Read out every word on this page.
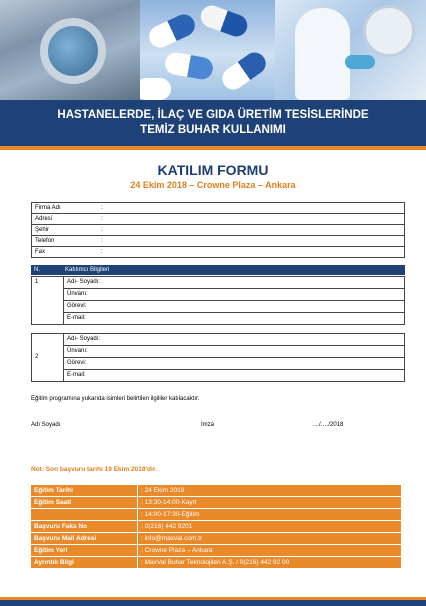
HASTANELERDE, İLAÇ VE GIDA ÜRETİM TESİSLERİNDE
TEMİZ BUHAR KULLANIMI
KATILIM FORMU
24 Ekim 2018 – Crowne Plaza – Ankara
Firma Adı	:
Adresi	:
Şehir	:
Telefon	:
Fax	:
N.	Katılımcı Bilgileri
1	Adı- Soyadı:
Ünvanı:
Görevi:
E-mail:
2	Adı- Soyadı:
Ünvanı:
Görevi:
E-mail:
Eğitim programına yukarıda isimleri belirtilen ilgililer katılacaktır.
Adı Soyadı	İmza	…/…./2018
Not: Son başvuru tarihi 19 Ekim 2018'dir.
Eğitim Tarihi	: 24 Ekim 2018
Eğitim Saati	: 13:30-14:00-Kayıt
	: 14:00-17:30-Eğitim
Başvuru Faks No	: 0(216) 442 9201
Başvuru Mail Adresi	: info@maxval.com.tr
Eğitim Yeri	: Crowne Plaza – Ankara
Ayrıntılı Bilgi	: MaxVal Buhar Teknolojileri A.Ş. / 0(216) 442 92 00
